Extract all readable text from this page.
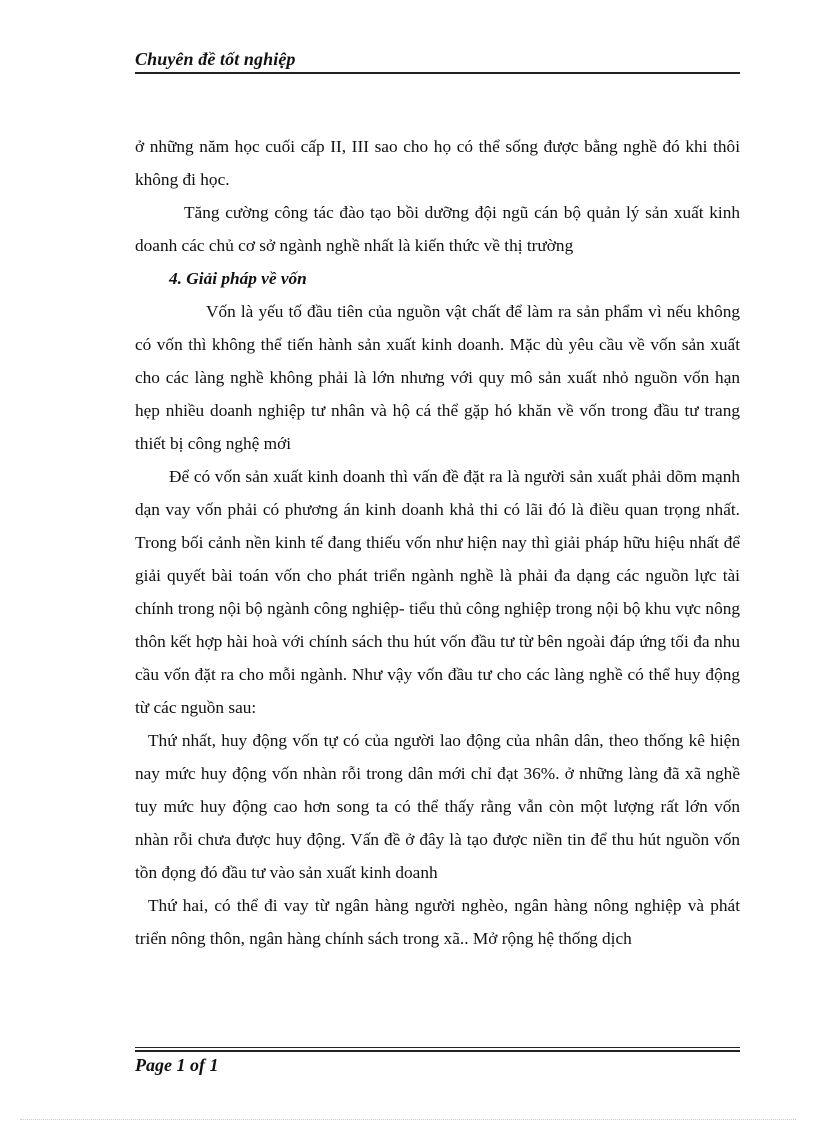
Chuyên đề tốt nghiệp

ở những năm học cuối cấp II, III sao cho họ có thể sống được bằng nghề đó khi thôi không đi học.

Tăng cường công tác đào tạo bồi dưỡng đội ngũ cán bộ quản lý sản xuất kinh doanh các chủ cơ sở ngành nghề nhất là kiến thức về thị trường

4. Giải pháp về vốn

Vốn là yếu tố đầu tiên của nguồn vật chất để làm ra sản phẩm vì nếu không có vốn thì không thể tiến hành sản xuất kinh doanh. Mặc dù yêu cầu về vốn sản xuất cho các làng nghề không phải là lớn nhưng với quy mô sản xuất nhỏ nguồn vốn hạn hẹp nhiều doanh nghiệp tư nhân và hộ cá thể gặp hó khăn về vốn trong đầu tư trang thiết bị công nghệ mới

Để có vốn sản xuất kinh doanh thì vấn đề đặt ra là người sản xuất phải dõm mạnh dạn vay vốn phải có phương án kinh doanh khả thi có lãi đó là điều quan trọng nhất. Trong bối cảnh nền kinh tế đang thiếu vốn như hiện nay thì giải pháp hữu hiệu nhất để giải quyết bài toán vốn cho phát triển ngành nghề là phải đa dạng các nguồn lực tài chính trong nội bộ ngành công nghiệp- tiểu thủ công nghiệp trong nội bộ khu vực nông thôn kết hợp hài hoà với chính sách thu hút vốn đầu tư từ bên ngoài đáp ứng tối đa nhu cầu vốn đặt ra cho mỗi ngành. Như vậy vốn đầu tư cho các làng nghề có thể huy động từ các nguồn sau:

Thứ nhất, huy động vốn tự có của người lao động của nhân dân, theo thống kê hiện nay mức huy động vốn nhàn rỗi trong dân mới chỉ đạt 36%. ở những làng đã xã nghề tuy mức huy động cao hơn song ta có thể thấy rằng vẫn còn một lượng rất lớn vốn nhàn rỗi chưa được huy động. Vấn đề ở đây là tạo được niền tin để thu hút nguồn vốn tồn đọng đó đầu tư vào sản xuất kinh doanh

Thứ hai, có thể đi vay từ ngân hàng người nghèo, ngân hàng nông nghiệp và phát triển nông thôn, ngân hàng chính sách trong xã.. Mở rộng hệ thống dịch

Page 1 of 1
